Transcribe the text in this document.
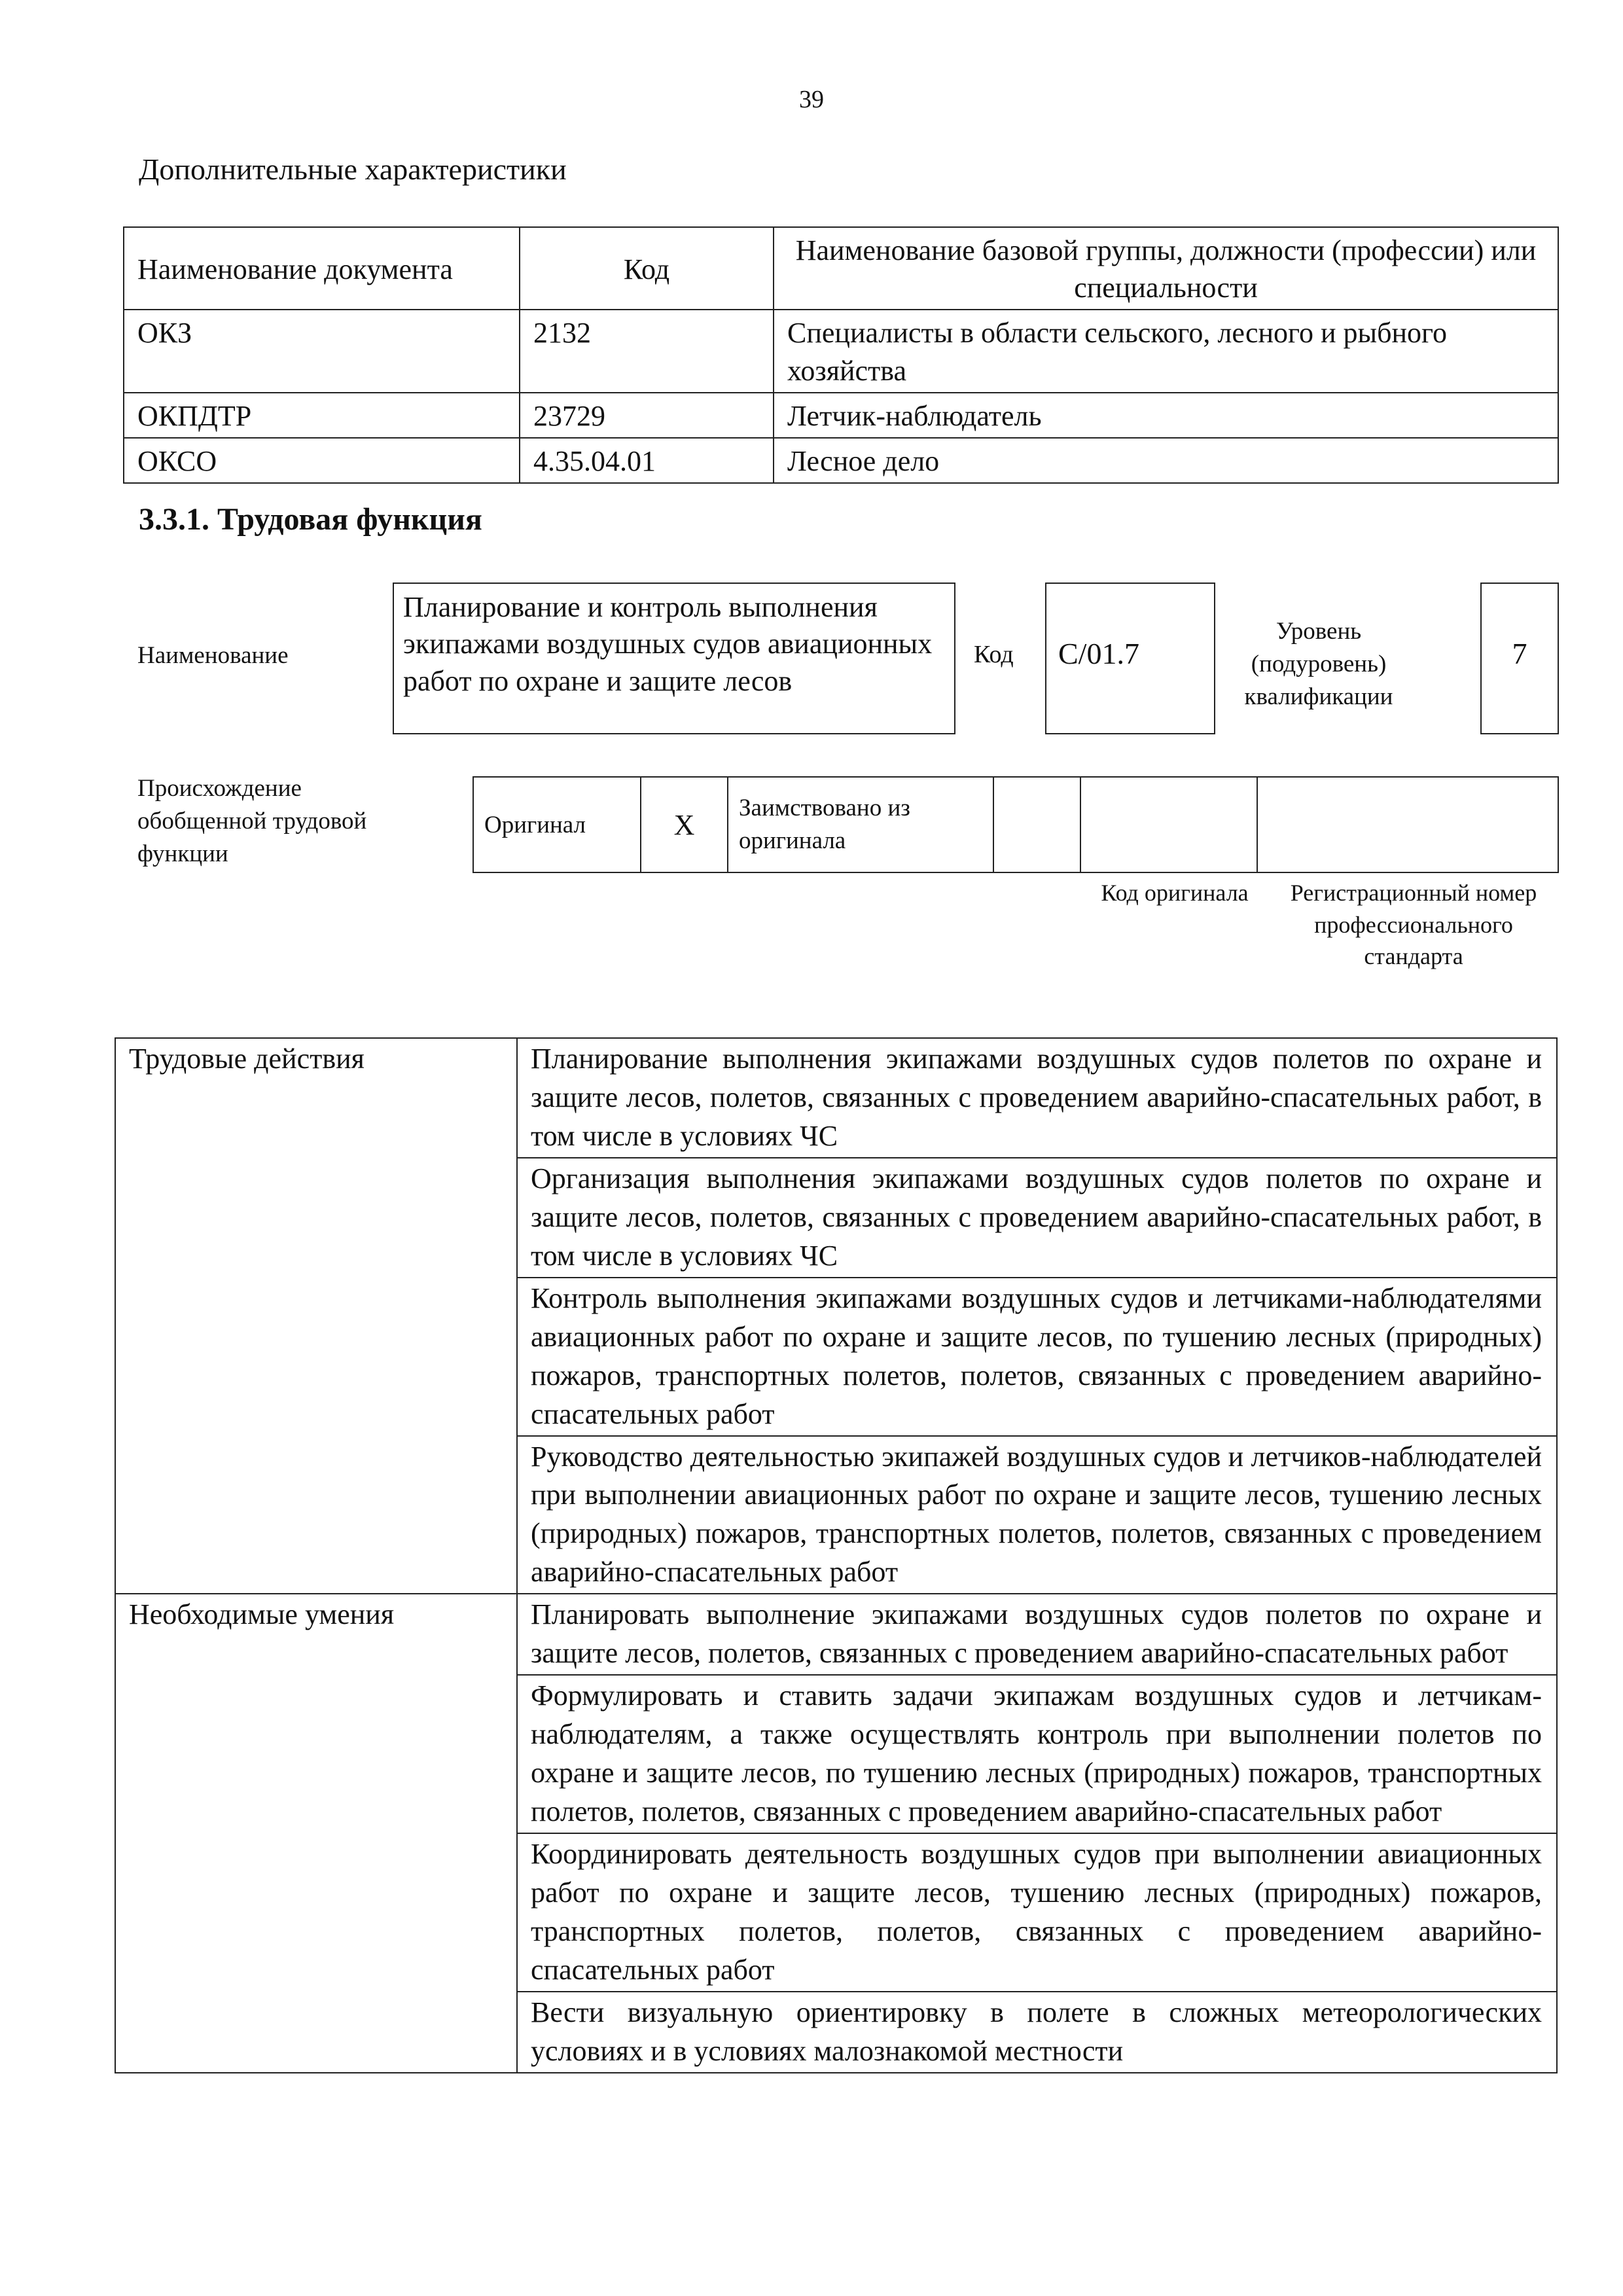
39
Дополнительные характеристики
Наименование документа	Код	Наименование базовой группы, должности (профессии) или специальности
ОКЗ	2132	Специалисты в области сельского, лесного и рыбного хозяйства
ОКПДТР	23729	Летчик-наблюдатель
ОКСО	4.35.04.01	Лесное дело
3.3.1. Трудовая функция
Наименование
Планирование и контроль выполнения экипажами воздушных судов авиационных работ по охране и защите лесов
Код	С/01.7
Уровень (подуровень) квалификации
7
Происхождение обобщенной трудовой функции
Оригинал	X	Заимствовано из оригинала			
Код оригинала	Регистрационный номер профессионального стандарта
Трудовые действия	Планирование выполнения экипажами воздушных судов полетов по охране и защите лесов, полетов, связанных с проведением аварийно-спасательных работ, в том числе в условиях ЧС
	Организация выполнения экипажами воздушных судов полетов по охране и защите лесов, полетов, связанных с проведением аварийно-спасательных работ, в том числе в условиях ЧС
	Контроль выполнения экипажами воздушных судов и летчиками-наблюдателями авиационных работ по охране и защите лесов, по тушению лесных (природных) пожаров, транспортных полетов, полетов, связанных с проведением аварийно-спасательных работ
	Руководство деятельностью экипажей воздушных судов и летчиков-наблюдателей при выполнении авиационных работ по охране и защите лесов, тушению лесных (природных) пожаров, транспортных полетов, полетов, связанных с проведением аварийно-спасательных работ
Необходимые умения	Планировать выполнение экипажами воздушных судов полетов по охране и защите лесов, полетов, связанных с проведением аварийно-спасательных работ
	Формулировать и ставить задачи экипажам воздушных судов и летчикам-наблюдателям, а также осуществлять контроль при выполнении полетов по охране и защите лесов, по тушению лесных (природных) пожаров, транспортных полетов, полетов, связанных с проведением аварийно-спасательных работ
	Координировать деятельность воздушных судов при выполнении авиационных работ по охране и защите лесов, тушению лесных (природных) пожаров, транспортных полетов, полетов, связанных с проведением аварийно-спасательных работ
	Вести визуальную ориентировку в полете в сложных метеорологических условиях и в условиях малознакомой местности
